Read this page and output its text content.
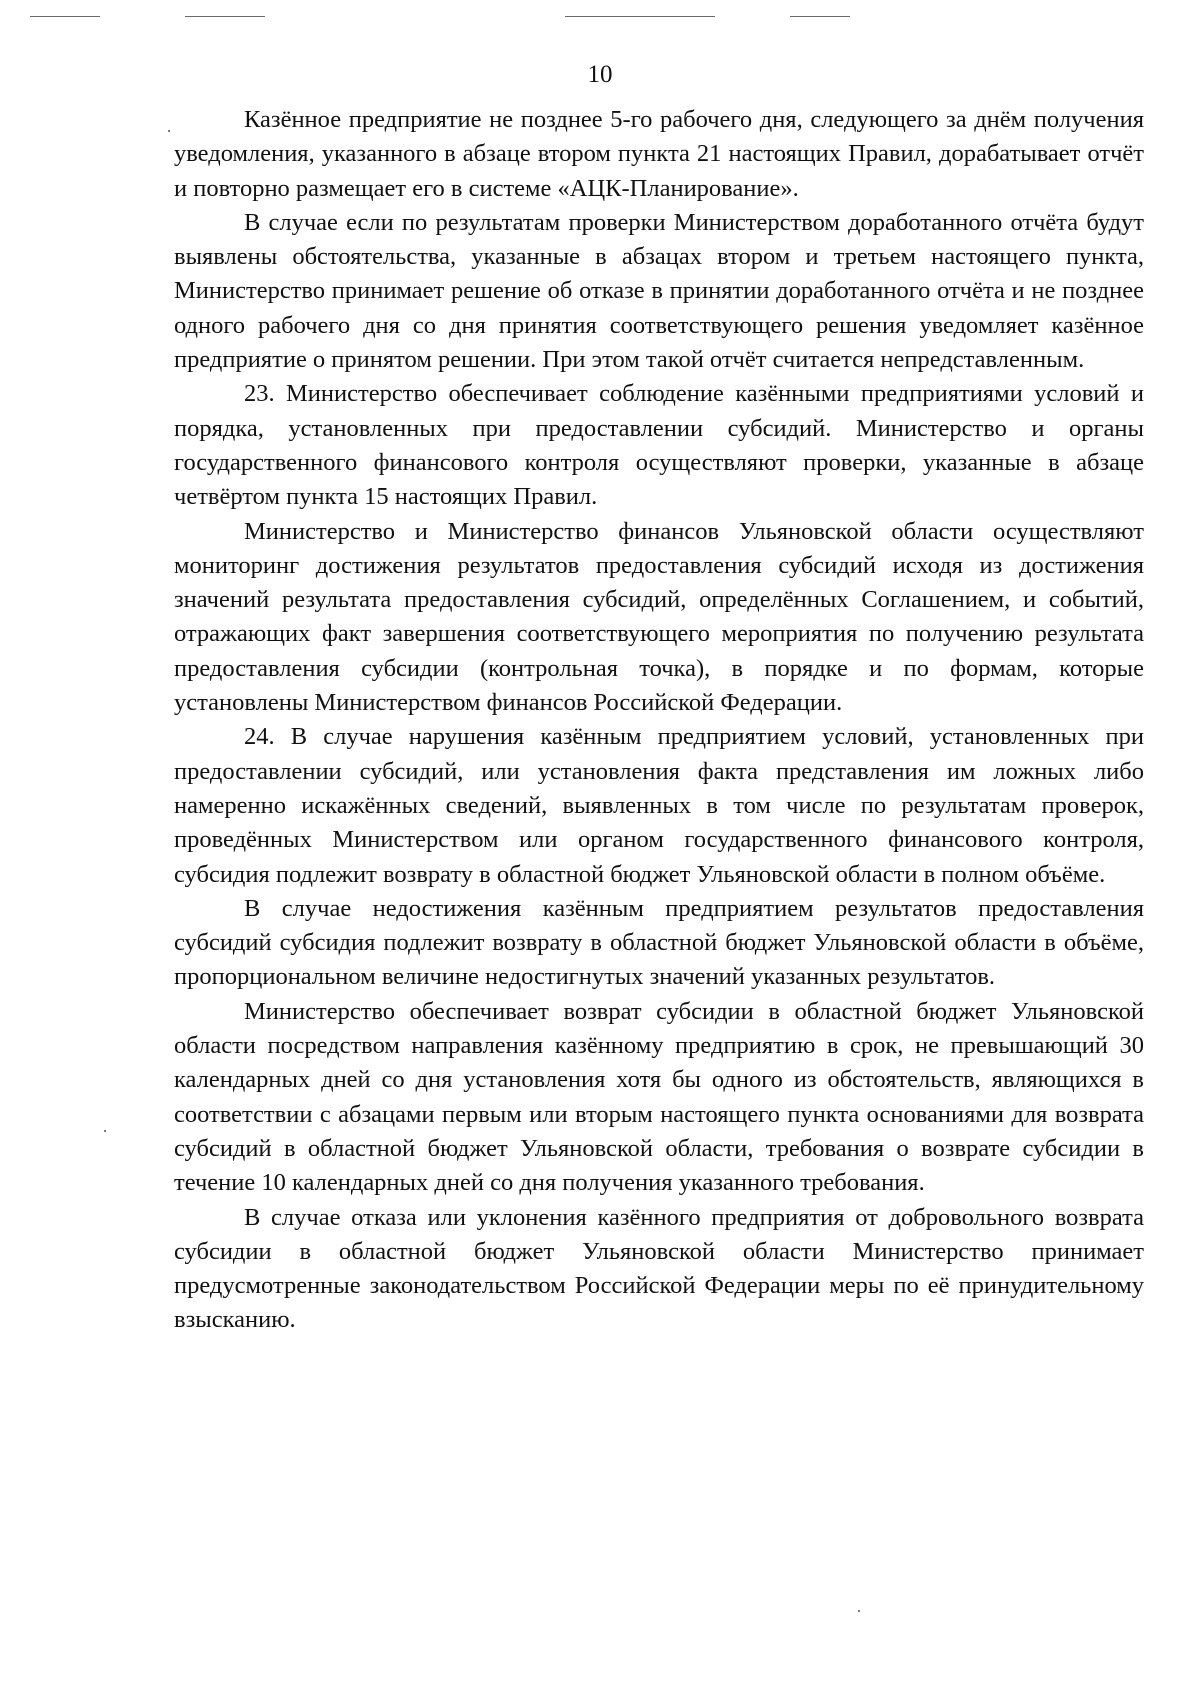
10

Казённое предприятие не позднее 5-го рабочего дня, следующего за днём получения уведомления, указанного в абзаце втором пункта 21 настоящих Правил, дорабатывает отчёт и повторно размещает его в системе «АЦК-Планирование».

В случае если по результатам проверки Министерством доработанного отчёта будут выявлены обстоятельства, указанные в абзацах втором и третьем настоящего пункта, Министерство принимает решение об отказе в принятии доработанного отчёта и не позднее одного рабочего дня со дня принятия соответствующего решения уведомляет казённое предприятие о принятом решении. При этом такой отчёт считается непредставленным.

23. Министерство обеспечивает соблюдение казёнными предприятиями условий и порядка, установленных при предоставлении субсидий. Министерство и органы государственного финансового контроля осуществляют проверки, указанные в абзаце четвёртом пункта 15 настоящих Правил.

Министерство и Министерство финансов Ульяновской области осуществляют мониторинг достижения результатов предоставления субсидий исходя из достижения значений результата предоставления субсидий, определённых Соглашением, и событий, отражающих факт завершения соответствующего мероприятия по получению результата предоставления субсидии (контрольная точка), в порядке и по формам, которые установлены Министерством финансов Российской Федерации.

24. В случае нарушения казённым предприятием условий, установленных при предоставлении субсидий, или установления факта представления им ложных либо намеренно искажённых сведений, выявленных в том числе по результатам проверок, проведённых Министерством или органом государственного финансового контроля, субсидия подлежит возврату в областной бюджет Ульяновской области в полном объёме.

В случае недостижения казённым предприятием результатов предоставления субсидий субсидия подлежит возврату в областной бюджет Ульяновской области в объёме, пропорциональном величине недостигнутых значений указанных результатов.

Министерство обеспечивает возврат субсидии в областной бюджет Ульяновской области посредством направления казённому предприятию в срок, не превышающий 30 календарных дней со дня установления хотя бы одного из обстоятельств, являющихся в соответствии с абзацами первым или вторым настоящего пункта основаниями для возврата субсидий в областной бюджет Ульяновской области, требования о возврате субсидии в течение 10 календарных дней со дня получения указанного требования.

В случае отказа или уклонения казённого предприятия от добровольного возврата субсидии в областной бюджет Ульяновской области Министерство принимает предусмотренные законодательством Российской Федерации меры по её принудительному взысканию.
